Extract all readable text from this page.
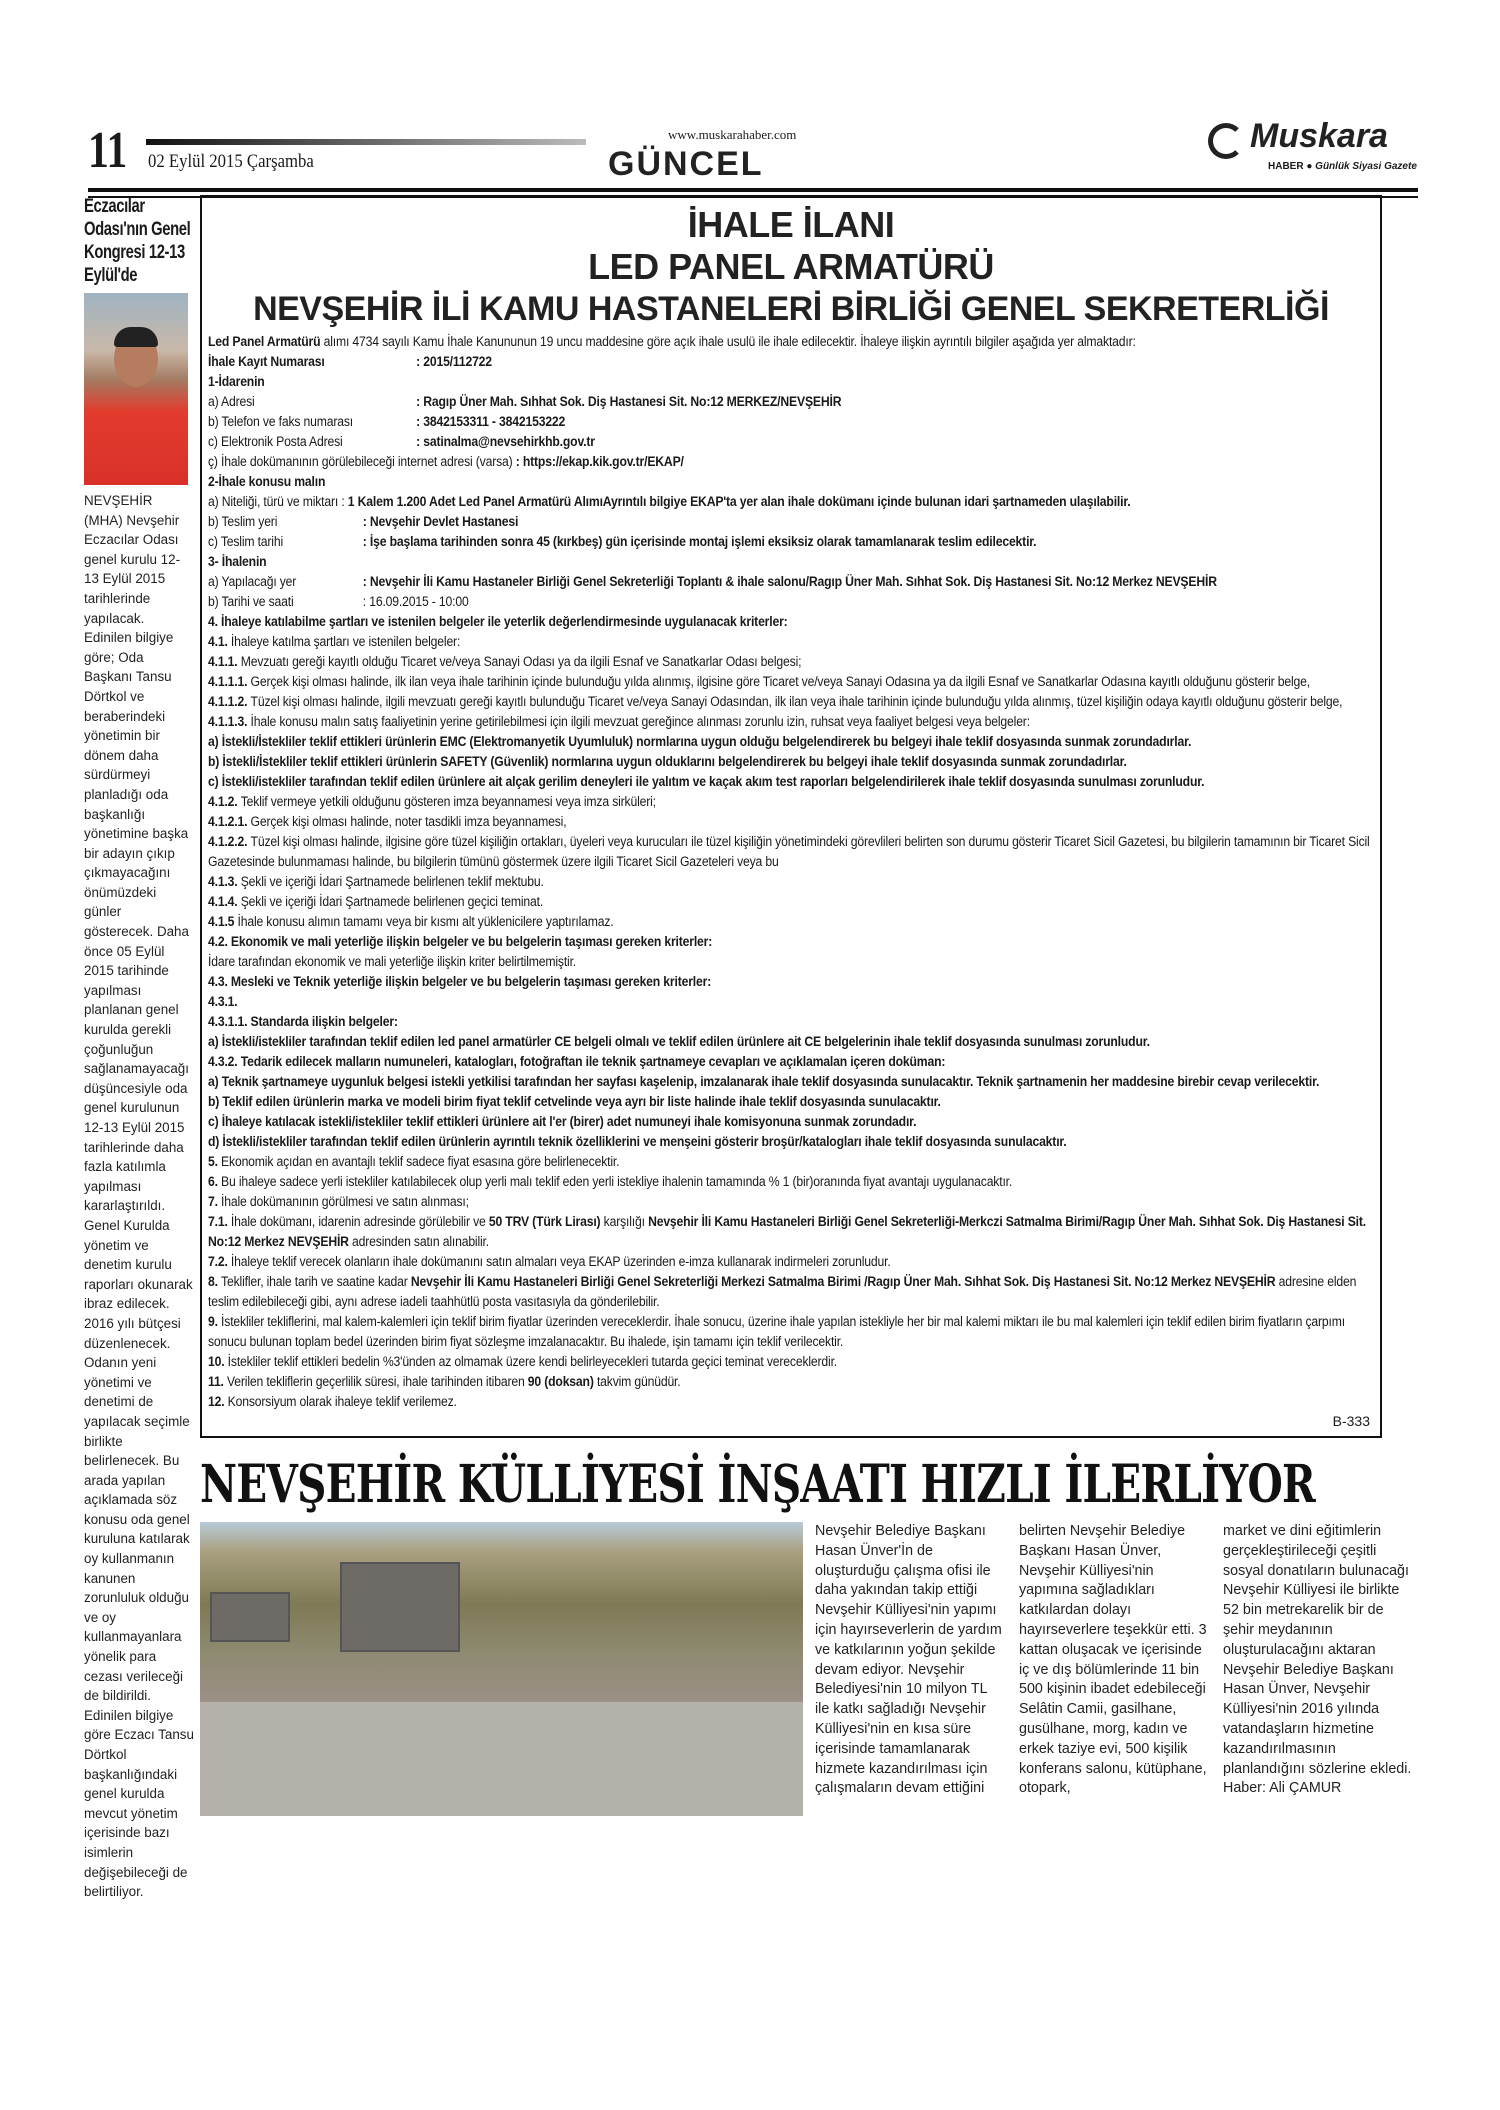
11 02 Eylül 2015 Çarşamba
www.muskarahaber.com
GÜNCEL
Muskara
HABER ● Günlük Siyasi Gazete
Eczacılar Odası'nın Genel Kongresi 12-13 Eylül'de

NEVŞEHİR (MHA) Nevşehir Eczacılar Odası genel kurulu 12-13 Eylül 2015 tarihlerinde yapılacak. Edinilen bilgiye göre; Oda Başkanı Tansu Dörtkol ve beraberindeki yönetimin bir dönem daha sürdürmeyi planladığı oda başkanlığı yönetimine başka bir adayın çıkıp çıkmayacağını önümüzdeki günler gösterecek. Daha önce 05 Eylül 2015 tarihinde yapılması planlanan genel kurulda gerekli çoğunluğun sağlanamayacağı düşüncesiyle oda genel kurulunun 12-13 Eylül 2015 tarihlerinde daha fazla katılımla yapılması kararlaştırıldı. Genel Kurulda yönetim ve denetim kurulu raporları okunarak ibraz edilecek. 2016 yılı bütçesi düzenlenecek. Odanın yeni yönetimi ve denetimi de yapılacak seçimle birlikte belirlenecek. Bu arada yapılan açıklamada söz konusu oda genel kuruluna katılarak oy kullanmanın kanunen zorunluluk olduğu ve oy kullanmayanlara yönelik para cezası verileceği de bildirildi. Edinilen bilgiye göre Eczacı Tansu Dörtkol başkanlığındaki genel kurulda mevcut yönetim içerisinde bazı isimlerin değişebileceği de belirtiliyor.

İHALE İLANI
LED PANEL ARMATÜRÜ
NEVŞEHİR İLİ KAMU HASTANELERİ BİRLİĞİ GENEL SEKRETERLİĞİ
Led Panel Armatürü alımı 4734 sayılı Kamu İhale Kanununun 19 uncu maddesine göre açık ihale usulü ile ihale edilecektir. İhaleye ilişkin ayrıntılı bilgiler aşağıda yer almaktadır:
İhale Kayıt Numarası	: 2015/112722
1-İdarenin
a) Adresi	: Ragıp Üner Mah. Sıhhat Sok. Diş Hastanesi Sit. No:12 MERKEZ/NEVŞEHİR
b) Telefon ve faks numarası	: 3842153311 - 3842153222
c) Elektronik Posta Adresi	: satinalma@nevsehirkhb.gov.tr
ç) İhale dokümanının görülebileceği internet adresi (varsa) : https://ekap.kik.gov.tr/EKAP/
2-İhale konusu malın
a) Niteliği, türü ve miktarı : 1 Kalem 1.200 Adet Led Panel Armatürü AlımıAyrıntılı bilgiye EKAP'ta yer alan ihale dokümanı içinde bulunan idari şartnameden ulaşılabilir.
b) Teslim yeri	: Nevşehir Devlet Hastanesi
c) Teslim tarihi	: İşe başlama tarihinden sonra 45 (kırkbeş) gün içerisinde montaj işlemi eksiksiz olarak tamamlanarak teslim edilecektir.
3- İhalenin
a) Yapılacağı yer	: Nevşehir İli Kamu Hastaneler Birliği Genel Sekreterliği Toplantı & ihale salonu/Ragıp Üner Mah. Sıhhat Sok. Diş Hastanesi Sit. No:12 Merkez NEVŞEHİR
b) Tarihi ve saati	: 16.09.2015 - 10:00
4. İhaleye katılabilme şartları ve istenilen belgeler ile yeterlik değerlendirmesinde uygulanacak kriterler:
4.1. İhaleye katılma şartları ve istenilen belgeler:
4.1.1. Mevzuatı gereği kayıtlı olduğu Ticaret ve/veya Sanayi Odası ya da ilgili Esnaf ve Sanatkarlar Odası belgesi;
4.1.1.1. Gerçek kişi olması halinde, ilk ilan veya ihale tarihinin içinde bulunduğu yılda alınmış, ilgisine göre Ticaret ve/veya Sanayi Odasına ya da ilgili Esnaf ve Sanatkarlar Odasına kayıtlı olduğunu gösterir belge,
4.1.1.2. Tüzel kişi olması halinde, ilgili mevzuatı gereği kayıtlı bulunduğu Ticaret ve/veya Sanayi Odasından, ilk ilan veya ihale tarihinin içinde bulunduğu yılda alınmış, tüzel kişiliğin odaya kayıtlı olduğunu gösterir belge,
4.1.1.3. İhale konusu malın satış faaliyetinin yerine getirilebilmesi için ilgili mevzuat gereğince alınması zorunlu izin, ruhsat veya faaliyet belgesi veya belgeler:
a) İstekli/İstekliler teklif ettikleri ürünlerin EMC (Elektromanyetik Uyumluluk) normlarına uygun olduğu belgelendirerek bu belgeyi ihale teklif dosyasında sunmak zorundadırlar.
b) İstekli/İstekliler teklif ettikleri ürünlerin SAFETY (Güvenlik) normlarına uygun olduklarını belgelendirerek bu belgeyi ihale teklif dosyasında sunmak zorundadırlar.
c) İstekli/istekliler tarafından teklif edilen ürünlere ait alçak gerilim deneyleri ile yalıtım ve kaçak akım test raporları belgelendirilerek ihale teklif dosyasında sunulması zorunludur.
4.1.2. Teklif vermeye yetkili olduğunu gösteren imza beyannamesi veya imza sirküleri;
4.1.2.1. Gerçek kişi olması halinde, noter tasdikli imza beyannamesi,
4.1.2.2. Tüzel kişi olması halinde, ilgisine göre tüzel kişiliğin ortakları, üyeleri veya kurucuları ile tüzel kişiliğin yönetimindeki görevlileri belirten son durumu gösterir Ticaret Sicil Gazetesi, bu bilgilerin tamamının bir Ticaret Sicil Gazetesinde bulunmaması halinde, bu bilgilerin tümünü göstermek üzere ilgili Ticaret Sicil Gazeteleri veya bu
4.1.3. Şekli ve içeriği İdari Şartnamede belirlenen teklif mektubu.
4.1.4. Şekli ve içeriği İdari Şartnamede belirlenen geçici teminat.
4.1.5 İhale konusu alımın tamamı veya bir kısmı alt yüklenicilere yaptırılamaz.
4.2. Ekonomik ve mali yeterliğe ilişkin belgeler ve bu belgelerin taşıması gereken kriterler:
İdare tarafından ekonomik ve mali yeterliğe ilişkin kriter belirtilmemiştir.
4.3. Mesleki ve Teknik yeterliğe ilişkin belgeler ve bu belgelerin taşıması gereken kriterler:
4.3.1.
4.3.1.1. Standarda ilişkin belgeler:
a) İstekli/istekliler tarafından teklif edilen led panel armatürler CE belgeli olmalı ve teklif edilen ürünlere ait CE belgelerinin ihale teklif dosyasında sunulması zorunludur.
4.3.2. Tedarik edilecek malların numuneleri, katalogları, fotoğraftan ile teknik şartnameye cevapları ve açıklamalan içeren doküman:
a) Teknik şartnameye uygunluk belgesi istekli yetkilisi tarafından her sayfası kaşelenip, imzalanarak ihale teklif dosyasında sunulacaktır. Teknik şartnamenin her maddesine birebir cevap verilecektir.
b) Teklif edilen ürünlerin marka ve modeli birim fiyat teklif cetvelinde veya ayrı bir liste halinde ihale teklif dosyasında sunulacaktır.
c) İhaleye katılacak istekli/istekliler teklif ettikleri ürünlere ait l'er (birer) adet numuneyi ihale komisyonuna sunmak zorundadır.
d) İstekli/istekliler tarafından teklif edilen ürünlerin ayrıntılı teknik özelliklerini ve menşeini gösterir broşür/katalogları ihale teklif dosyasında sunulacaktır.
5. Ekonomik açıdan en avantajlı teklif sadece fiyat esasına göre belirlenecektir.
6. Bu ihaleye sadece yerli istekliler katılabilecek olup yerli malı teklif eden yerli istekliye ihalenin tamamında % 1 (bir)oranında fiyat avantajı uygulanacaktır.
7. İhale dokümanının görülmesi ve satın alınması;
7.1. İhale dokümanı, idarenin adresinde görülebilir ve 50 TRV (Türk Lirası) karşılığı Nevşehir İli Kamu Hastaneleri Birliği Genel Sekreterliği-Merkczi Satmalma Birimi/Ragıp Üner Mah. Sıhhat Sok. Diş Hastanesi Sit. No:12 Merkez NEVŞEHİR adresinden satın alınabilir.
7.2. İhaleye teklif verecek olanların ihale dokümanını satın almaları veya EKAP üzerinden e-imza kullanarak indirmeleri zorunludur.
8. Teklifler, ihale tarih ve saatine kadar Nevşehir İli Kamu Hastaneleri Birliği Genel Sekreterliği Merkezi Satmalma Birimi /Ragıp Üner Mah. Sıhhat Sok. Diş Hastanesi Sit. No:12 Merkez NEVŞEHİR adresine elden teslim edilebileceği gibi, aynı adrese iadeli taahhütlü posta vasıtasıyla da gönderilebilir.
9. İstekliler tekliflerini, mal kalem-kalemleri için teklif birim fiyatlar üzerinden vereceklerdir. İhale sonucu, üzerine ihale yapılan istekliyle her bir mal kalemi miktarı ile bu mal kalemleri için teklif edilen birim fiyatların çarpımı sonucu bulunan toplam bedel üzerinden birim fiyat sözleşme imzalanacaktır. Bu ihalede, işin tamamı için teklif verilecektir.
10. İstekliler teklif ettikleri bedelin %3'ünden az olmamak üzere kendi belirleyecekleri tutarda geçici teminat vereceklerdir.
11. Verilen tekliflerin geçerlilik süresi, ihale tarihinden itibaren 90 (doksan) takvim günüdür.
12. Konsorsiyum olarak ihaleye teklif verilemez.
B-333
NEVŞEHİR KÜLLİYESİ İNŞAATI HIZLI İLERLİYOR

Nevşehir Belediye Başkanı Hasan Ünver'İn de oluşturduğu çalışma ofisi ile daha yakından takip ettiği Nevşehir Külliyesi'nin yapımı için hayırseverlerin de yardım ve katkılarının yoğun şekilde devam ediyor. Nevşehir Belediyesi'nin 10 milyon TL ile katkı sağladığı Nevşehir Külliyesi'nin en kısa süre içerisinde tamamlanarak hizmete kazandırılması için çalışmaların devam ettiğini

belirten Nevşehir Belediye Başkanı Hasan Ünver, Nevşehir Külliyesi'nin yapımına sağladıkları katkılardan dolayı hayırseverlere teşekkür etti. 3 kattan oluşacak ve içerisinde iç ve dış bölümlerinde 11 bin 500 kişinin ibadet edebileceği Selâtin Camii, gasilhane, gusülhane, morg, kadın ve erkek taziye evi, 500 kişilik konferans salonu, kütüphane, otopark,

market ve dini eğitimlerin gerçekleştirileceği çeşitli sosyal donatıların bulunacağı Nevşehir Külliyesi ile birlikte 52 bin metrekarelik bir de şehir meydanının oluşturulacağını aktaran Nevşehir Belediye Başkanı Hasan Ünver, Nevşehir Külliyesi'nin 2016 yılında vatandaşların hizmetine kazandırılmasının planlandığını sözlerine ekledi. Haber: Ali ÇAMUR
